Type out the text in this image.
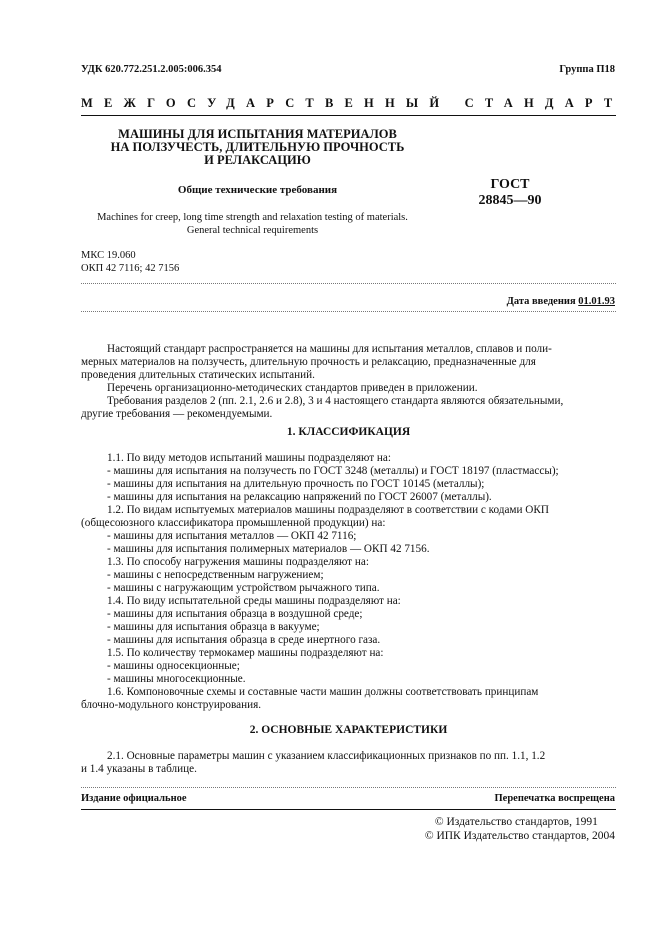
УДК 620.772.251.2.005:006.354	Группа П18
МЕЖГОСУДАРСТВЕННЫЙ СТАНДАРТ
МАШИНЫ ДЛЯ ИСПЫТАНИЯ МАТЕРИАЛОВ
НА ПОЛЗУЧЕСТЬ, ДЛИТЕЛЬНУЮ ПРОЧНОСТЬ
И РЕЛАКСАЦИЮ
Общие технические требования	ГОСТ
28845—90
Machines for creep, long time strength and relaxation testing of materials.
General technical requirements
МКС 19.060
ОКП 42 7116; 42 7156
Дата введения 01.01.93
Настоящий стандарт распространяется на машины для испытания металлов, сплавов и поли-
мерных материалов на ползучесть, длительную прочность и релаксацию, предназначенные для
проведения длительных статических испытаний.
Перечень организационно-методических стандартов приведен в приложении.
Требования разделов 2 (пп. 2.1, 2.6 и 2.8), 3 и 4 настоящего стандарта являются обязательными,
другие требования — рекомендуемыми.
1. КЛАССИФИКАЦИЯ
1.1. По виду методов испытаний машины подразделяют на:
- машины для испытания на ползучесть по ГОСТ 3248 (металлы) и ГОСТ 18197 (пластмассы);
- машины для испытания на длительную прочность по ГОСТ 10145 (металлы);
- машины для испытания на релаксацию напряжений по ГОСТ 26007 (металлы).
1.2. По видам испытуемых материалов машины подразделяют в соответствии с кодами ОКП
(общесоюзного классификатора промышленной продукции) на:
- машины для испытания металлов — ОКП 42 7116;
- машины для испытания полимерных материалов — ОКП 42 7156.
1.3. По способу нагружения машины подразделяют на:
- машины с непосредственным нагружением;
- машины с нагружающим устройством рычажного типа.
1.4. По виду испытательной среды машины подразделяют на:
- машины для испытания образца в воздушной среде;
- машины для испытания образца в вакууме;
- машины для испытания образца в среде инертного газа.
1.5. По количеству термокамер машины подразделяют на:
- машины односекционные;
- машины многосекционные.
1.6. Компоновочные схемы и составные части машин должны соответствовать принципам
блочно-модульного конструирования.
2. ОСНОВНЫЕ ХАРАКТЕРИСТИКИ
2.1. Основные параметры машин с указанием классификационных признаков по пп. 1.1, 1.2
и 1.4 указаны в таблице.
Издание официальное	Перепечатка воспрещена
© Издательство стандартов, 1991
© ИПК Издательство стандартов, 2004
